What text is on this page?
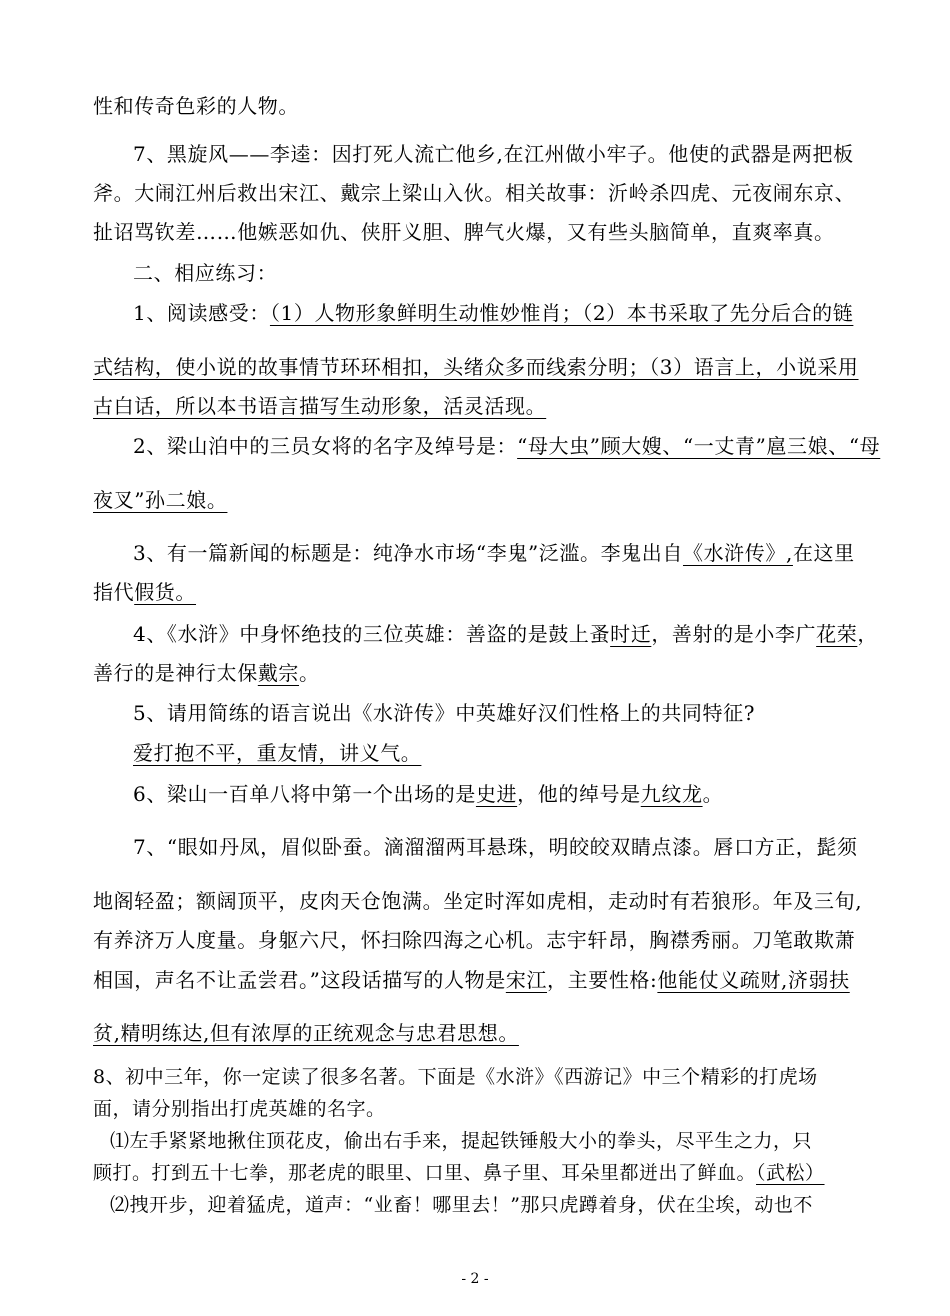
性和传奇色彩的人物。
7、黑旋风——李逵：因打死人流亡他乡,在江州做小牢子。他使的武器是两把板
斧。大闹江州后救出宋江、戴宗上梁山入伙。相关故事：沂岭杀四虎、元夜闹东京、
扯诏骂钦差……他嫉恶如仇、侠肝义胆、脾气火爆，又有些头脑简单，直爽率真。
二、相应练习：
1、阅读感受：（1）人物形象鲜明生动惟妙惟肖；（2）本书采取了先分后合的链
式结构，使小说的故事情节环环相扣，头绪众多而线索分明；（3）语言上，小说采用
古白话，所以本书语言描写生动形象，活灵活现。
2、梁山泊中的三员女将的名字及绰号是：“母大虫”顾大嫂、“一丈青”扈三娘、“母
夜叉”孙二娘。
3、有一篇新闻的标题是：纯净水市场“李鬼”泛滥。李鬼出自《水浒传》,在这里
指代假货。
4、《水浒》中身怀绝技的三位英雄：善盗的是鼓上蚤时迁，善射的是小李广花荣，
善行的是神行太保戴宗。
5、请用简练的语言说出《水浒传》中英雄好汉们性格上的共同特征?
爱打抱不平，重友情，讲义气。
6、梁山一百单八将中第一个出场的是史进，他的绰号是九纹龙。
7、“眼如丹凤，眉似卧蚕。滴溜溜两耳悬珠，明皎皎双睛点漆。唇口方正，髭须
地阁轻盈；额阔顶平，皮肉天仓饱满。坐定时浑如虎相，走动时有若狼形。年及三旬,
有养济万人度量。身躯六尺，怀扫除四海之心机。志宇轩昂，胸襟秀丽。刀笔敢欺萧
相国，声名不让孟尝君。”这段话描写的人物是宋江，主要性格:他能仗义疏财,济弱扶
贫,精明练达,但有浓厚的正统观念与忠君思想。
8、初中三年，你一定读了很多名著。下面是《水浒》《西游记》中三个精彩的打虎场
面，请分别指出打虎英雄的名字。
⑴左手紧紧地揪住顶花皮，偷出右手来，提起铁锤般大小的拳头，尽平生之力，只
顾打。打到五十七拳，那老虎的眼里、口里、鼻子里、耳朵里都迸出了鲜血。（武松）
⑵拽开步，迎着猛虎，道声：“业畜！哪里去！”那只虎蹲着身，伏在尘埃，动也不
- 2 -
